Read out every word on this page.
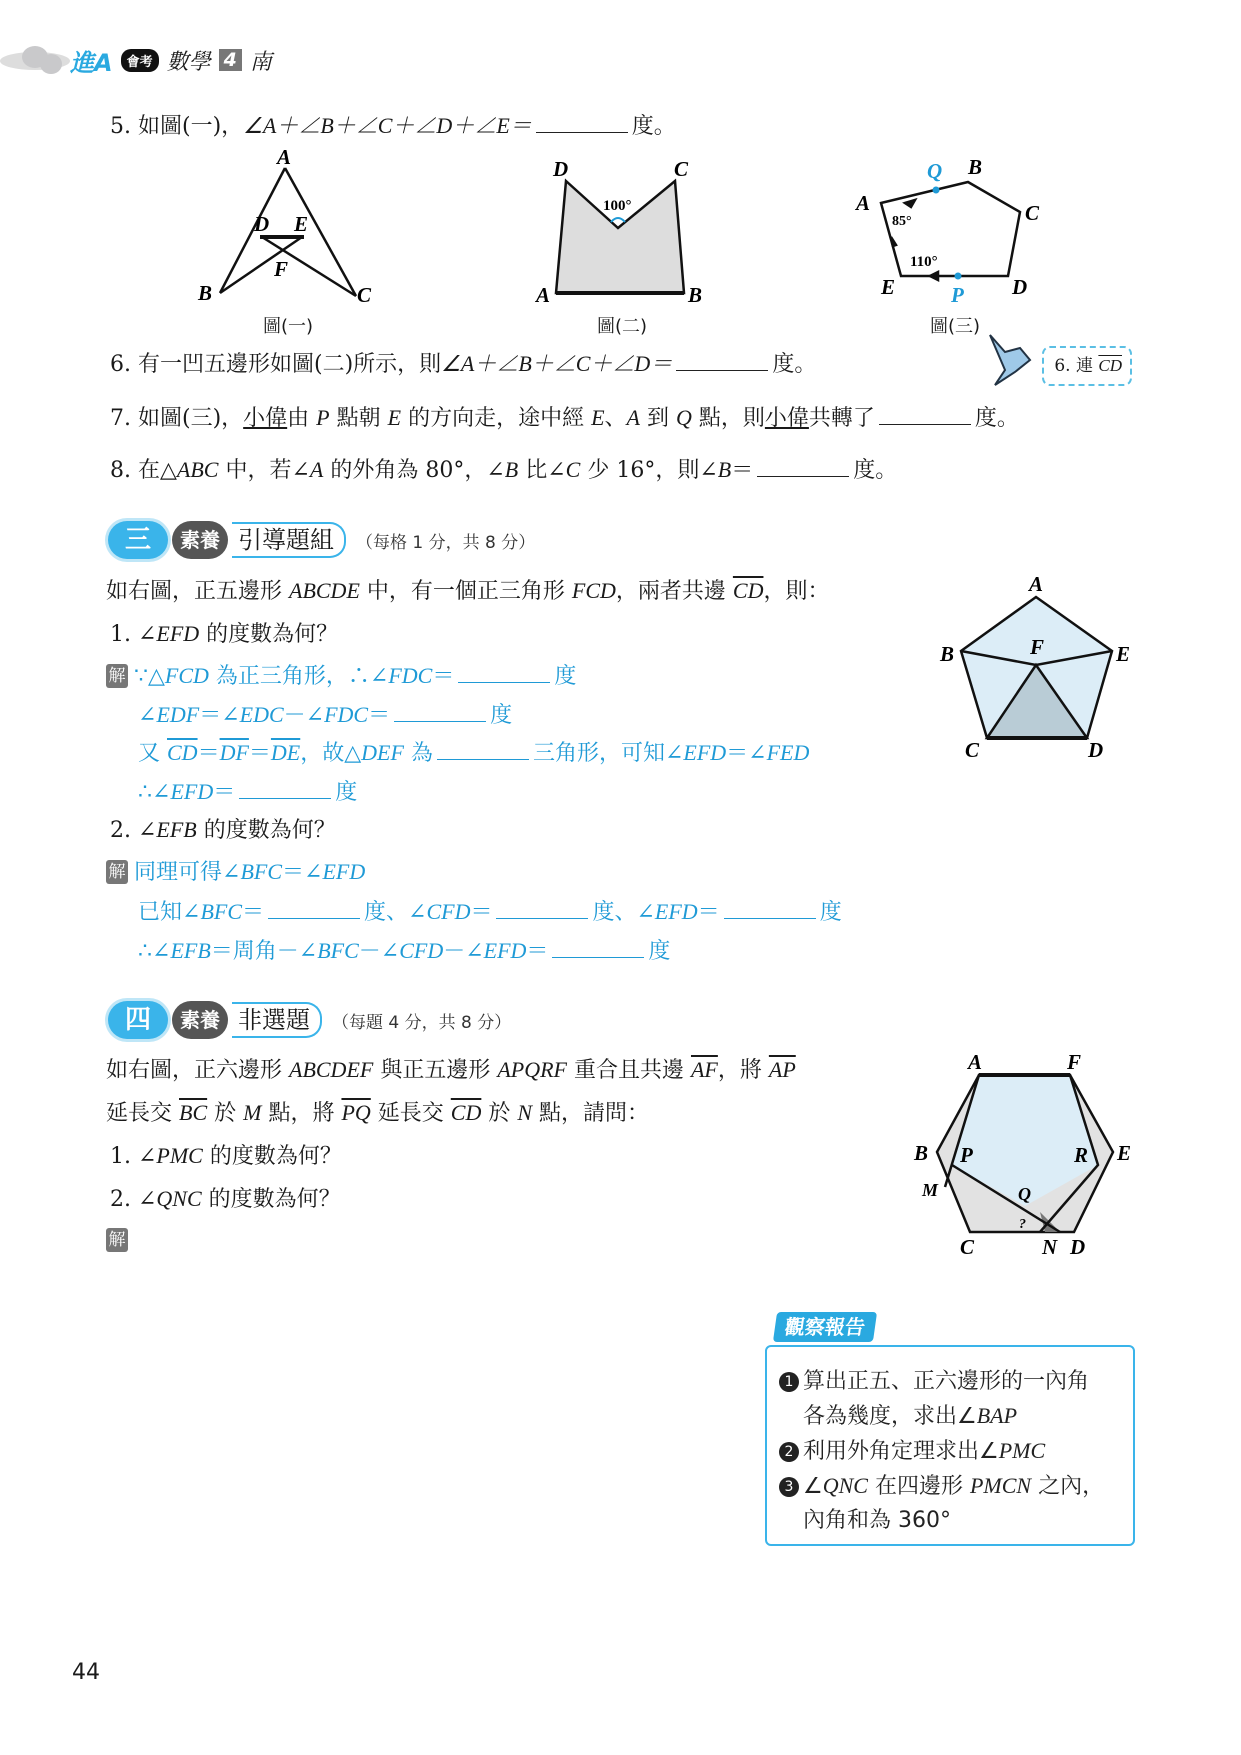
進A	會考 數學 4 南
5. 如圖(一)，∠A＋∠B＋∠C＋∠D＋∠E＝	度。
A
B	C
D E
F
D	C
A	B
100°	A
B
C
D
E
Q
P
85°
110°
圖(一)	圖(二)	圖(三)
6. 有一凹五邊形如圖(二)所示，則∠A＋∠B＋∠C＋∠D＝	度。	6. 連 $\overline{CD}$
7. 如圖(三)，小偉由 P 點朝 E 的方向走，途中經 E、A 到 Q 點，則小偉共轉了	度。
8. 在△ABC 中，若∠A 的外角為 80°，∠B 比∠C 少 16°，則∠B＝	度。
三	素養 引導題組	（每格 1 分，共 8 分）
如右圖，正五邊形 ABCDE 中，有一個正三角形 FCD，兩者共邊 $\overline{CD}$，則：
1. ∠EFD 的度數為何？
解 ∵△FCD 為正三角形，∴∠FDC＝	度
∠EDF＝∠EDC－∠FDC＝	度
又 $\overline{CD}=\overline{DF}=\overline{DE}$，故△DEF 為	三角形，可知∠EFD＝∠FED
∴∠EFD＝	度
2. ∠EFB 的度數為何？
解 同理可得∠BFC＝∠EFD
已知∠BFC＝	度、∠CFD＝	度、∠EFD＝	度
∴∠EFB＝周角－∠BFC－∠CFD－∠EFD＝	度
A
B
C	D
E
F
四	素養 非選題	（每題 4 分，共 8 分）
如右圖，正六邊形 ABCDEF 與正五邊形 APQRF 重合且共邊 $\overline{AF}$，將 $\overline{AP}$
延長交 $\overline{BC}$ 於 M 點，將 $\overline{PQ}$ 延長交 $\overline{CD}$ 於 N 點，請問：
1. ∠PMC 的度數為何？
2. ∠QNC 的度數為何？
解
A	F
B	E
C	D
P	R
M	Q
N
?
1 算出正五、正六邊形的一內角
各為幾度，求出∠BAP
2 利用外角定理求出∠PMC
3 ∠QNC 在四邊形 PMCN 之內，
內角和為 360°
觀察報告
44
